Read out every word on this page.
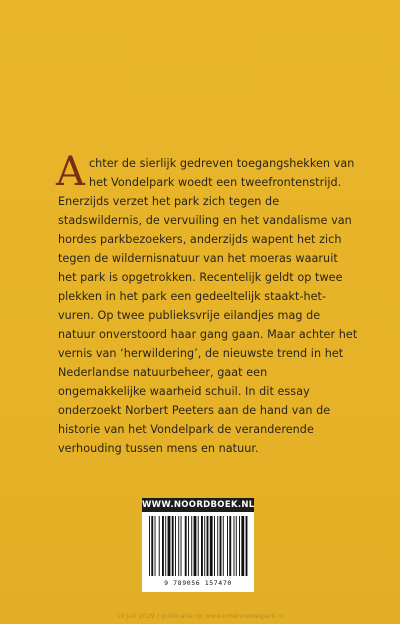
Achter de sierlijk gedreven toegangshekken van het Vondelpark woedt een tweefrontenstrijd. Enerzijds verzet het park zich tegen de stadswildernis, de vervuiling en het vandalisme van hordes parkbezoekers, anderzijds wapent het zich tegen de wildernisnatuur van het moeras waaruit het park is opgetrokken. Recentelijk geldt op twee plekken in het park een gedeeltelijk staakt-het-vuren. Op twee publieksvrije eilandjes mag de natuur onverstoord haar gang gaan. Maar achter het vernis van ‘herwildering’, de nieuwste trend in het Nederlandse natuurbeheer, gaat een ongemakkelijke waarheid schuil. In dit essay onderzoekt Norbert Peeters aan de hand van de historie van het Vondelpark de veranderende verhouding tussen mens en natuur.

WWW.NOORDBOEK.NL
9 789056 157470
19 juli 2029 / publicatie op www.inhetvondelpark.nl
